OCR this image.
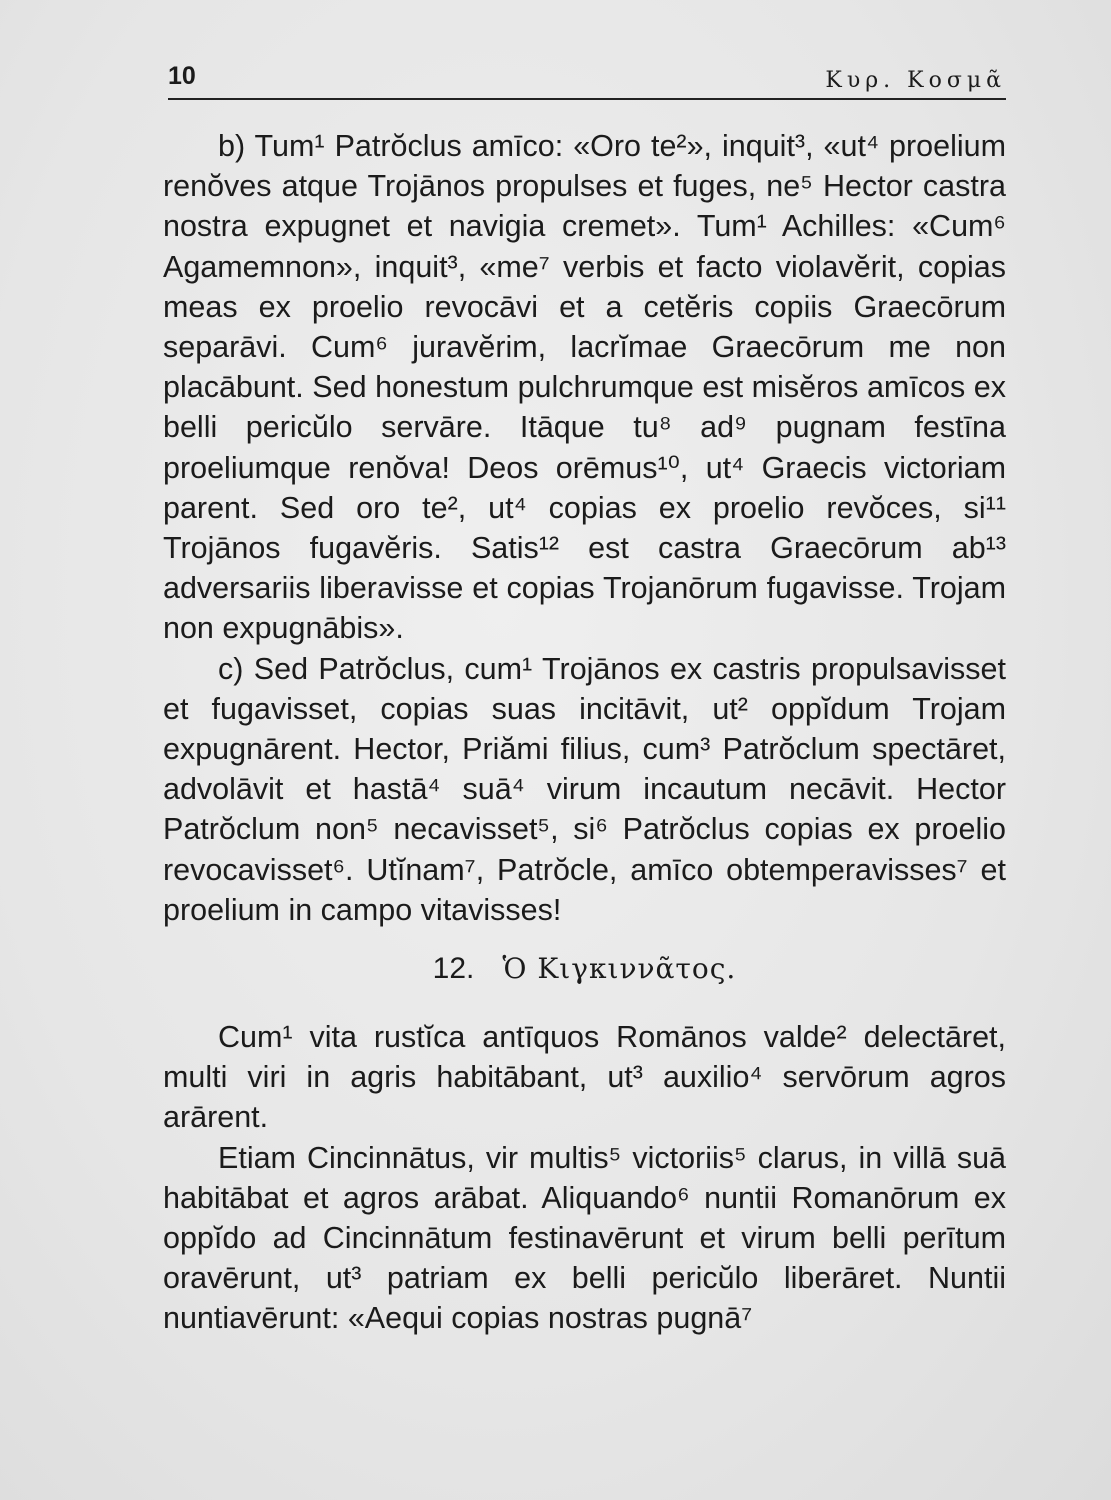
10	Κυρ. Κοσμᾶ

b) Tum¹ Patrŏclus amīco: «Oro te²», inquit³, «ut⁴ proelium renŏves atque Trojānos propulses et fuges, ne⁵ Hector castra nostra expugnet et navigia cremet». Tum¹ Achilles: «Cum⁶ Agamemnon», inquit³, «me⁷ verbis et facto violavĕrit, copias meas ex proelio revocāvi et a cetĕris copiis Graecōrum separāvi. Cum⁶ juravĕrim, lacrĭmae Graecōrum me non placābunt. Sed honestum pulchrumque est misĕros amīcos ex belli pericŭlo servāre. Itāque tu⁸ ad⁹ pugnam festīna proeliumque renŏva! Deos orēmus¹⁰, ut⁴ Graecis victoriam parent. Sed oro te², ut⁴ copias ex proelio revŏces, si¹¹ Trojānos fugavĕris. Satis¹² est castra Graecōrum ab¹³ adversariis liberavisse et copias Trojanōrum fugavisse. Trojam non expugnābis».

c) Sed Patrŏclus, cum¹ Trojānos ex castris propulsavisset et fugavisset, copias suas incitāvit, ut² oppĭdum Trojam expugnārent. Hector, Priămi filius, cum³ Patrŏclum spectāret, advolāvit et hastā⁴ suā⁴ virum incautum necāvit. Hector Patrŏclum non⁵ necavisset⁵, si⁶ Patrŏclus copias ex proelio revocavisset⁶. Utĭnam⁷, Patrŏcle, amīco obtemperavisses⁷ et proelium in campo vitavisses!

12. Ὁ Κιγκιννᾶτος.

Cum¹ vita rustĭca antīquos Romānos valde² delectāret, multi viri in agris habitābant, ut³ auxilio⁴ servōrum agros arārent.

Etiam Cincinnātus, vir multis⁵ victoriis⁵ clarus, in villā suā habitābat et agros arābat. Aliquando⁶ nuntii Romanōrum ex oppĭdo ad Cincinnātum festinavērunt et virum belli perītum oravērunt, ut³ patriam ex belli pericŭlo liberāret. Nuntii nuntiavērunt: «Aequi copias nostras pugnā⁷
